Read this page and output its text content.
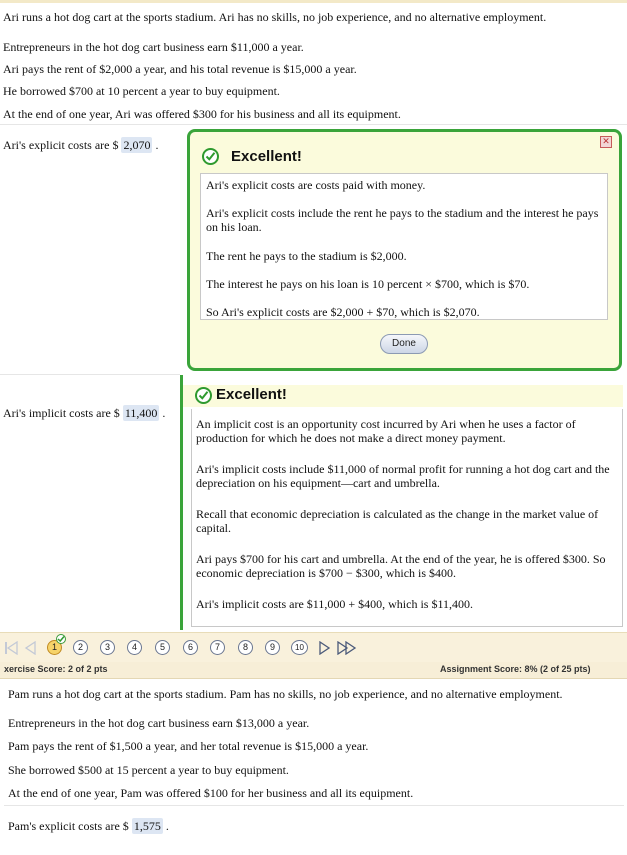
Ari runs a hot dog cart at the sports stadium. Ari has no skills, no job experience, and no alternative employment.
Entrepreneurs in the hot dog cart business earn $11,000 a year.
Ari pays the rent of $2,000 a year, and his total revenue is $15,000 a year.
He borrowed $700 at 10 percent a year to buy equipment.
At the end of one year, Ari was offered $300 for his business and all its equipment.
Ari's explicit costs are $ 2,070 .	✕
Excellent!
Ari's explicit costs are costs paid with money.
Ari's explicit costs include the rent he pays to the stadium and the interest he pays on his loan.
The rent he pays to the stadium is $2,000.
The interest he pays on his loan is 10 percent × $700, which is $70.
So Ari's explicit costs are $2,000 + $70, which is $2,070.
Done
Ari's implicit costs are $ 11,400 .
Excellent!
An implicit cost is an opportunity cost incurred by Ari when he uses a factor of production for which he does not make a direct money payment.
Ari's implicit costs include $11,000 of normal profit for running a hot dog cart and the depreciation on his equipment—cart and umbrella.
Recall that economic depreciation is calculated as the change in the market value of capital.
Ari pays $700 for his cart and umbrella. At the end of the year, he is offered $300. So economic depreciation is $700 − $300, which is $400.
Ari's implicit costs are $11,000 + $400, which is $11,400.
1	2	3	4	5	6	7	8	9	10
xercise Score: 2 of 2 pts	Assignment Score: 8% (2 of 25 pts)
Pam runs a hot dog cart at the sports stadium. Pam has no skills, no job experience, and no alternative employment.
Entrepreneurs in the hot dog cart business earn $13,000 a year.
Pam pays the rent of $1,500 a year, and her total revenue is $15,000 a year.
She borrowed $500 at 15 percent a year to buy equipment.
At the end of one year, Pam was offered $100 for her business and all its equipment.
Pam's explicit costs are $ 1,575 .
